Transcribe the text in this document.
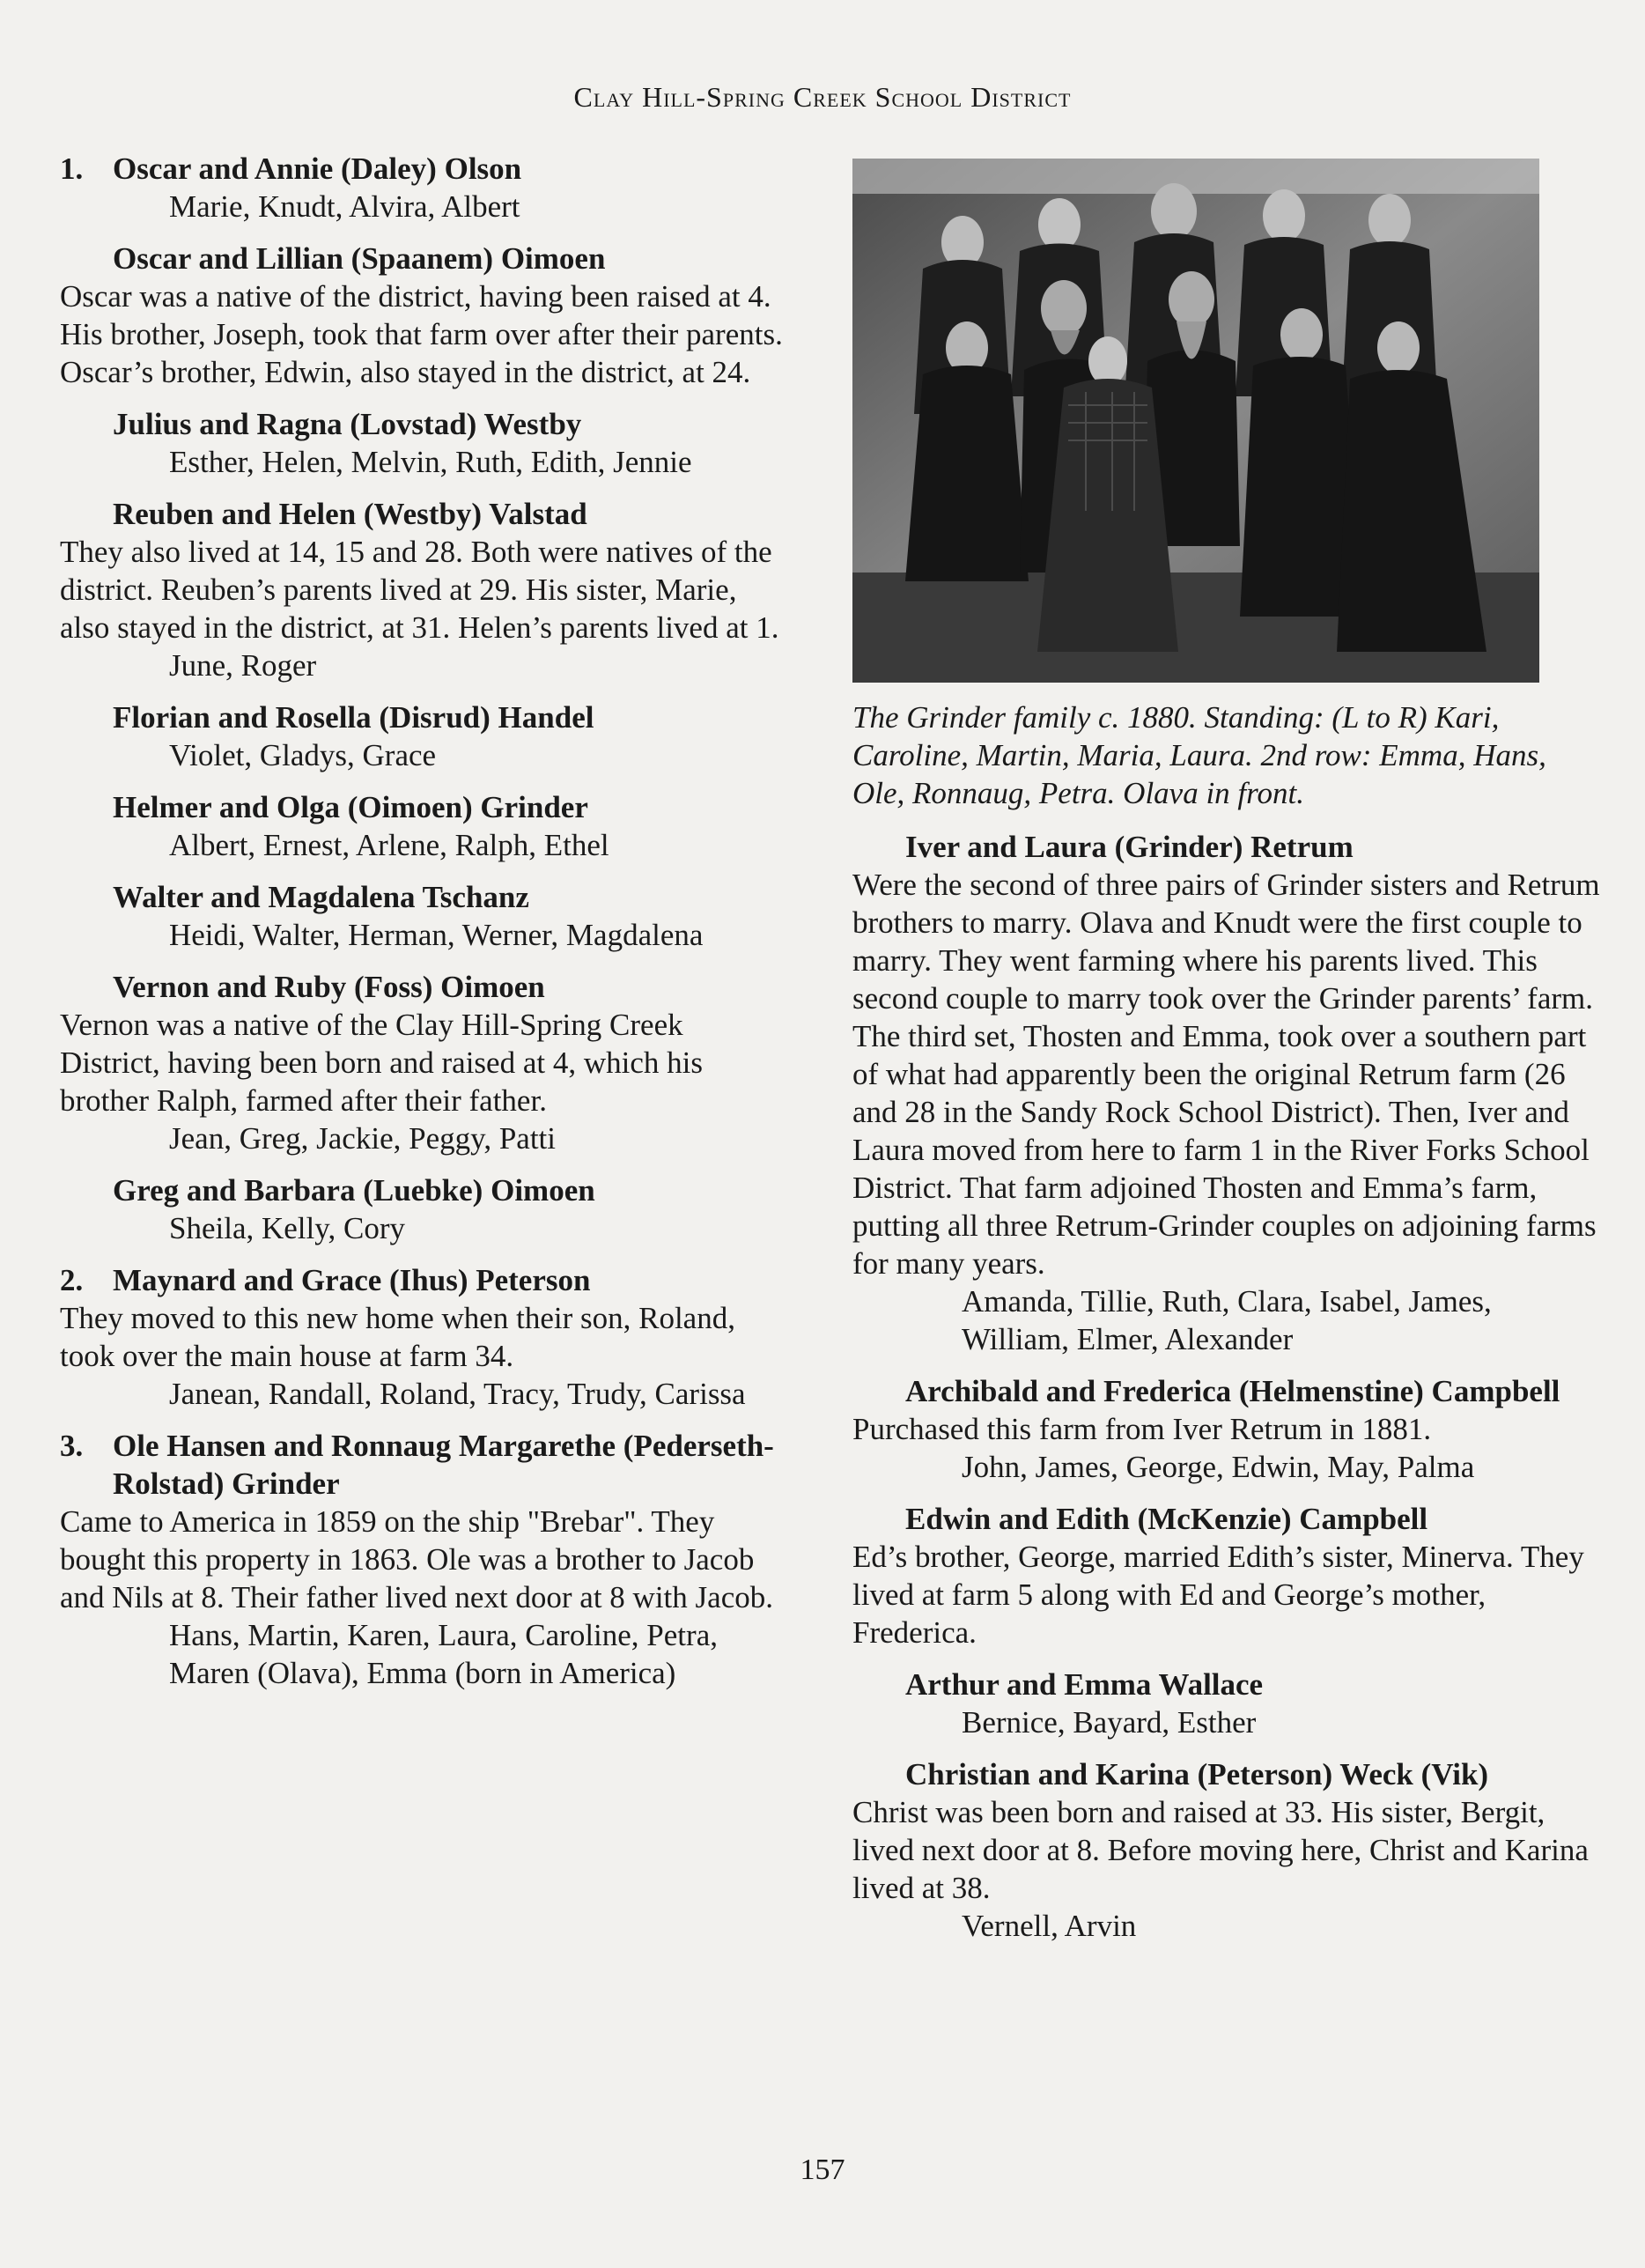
Clay Hill-Spring Creek School District
1. Oscar and Annie (Daley) Olson
Marie, Knudt, Alvira, Albert
Oscar and Lillian (Spaanem) Oimoen

Oscar was a native of the district, having been raised at 4. His brother, Joseph, took that farm over after their parents. Oscar’s brother, Edwin, also stayed in the district, at 24.

Julius and Ragna (Lovstad) Westby
Esther, Helen, Melvin, Ruth, Edith, Jennie
Reuben and Helen (Westby) Valstad

They also lived at 14, 15 and 28. Both were natives of the district. Reuben’s parents lived at 29. His sister, Marie, also stayed in the district, at 31. Helen’s parents lived at 1.

June, Roger
Florian and Rosella (Disrud) Handel
Violet, Gladys, Grace
Helmer and Olga (Oimoen) Grinder
Albert, Ernest, Arlene, Ralph, Ethel
Walter and Magdalena Tschanz
Heidi, Walter, Herman, Werner, Magdalena
Vernon and Ruby (Foss) Oimoen

Vernon was a native of the Clay Hill-Spring Creek District, having been born and raised at 4, which his brother Ralph, farmed after their father.

Jean, Greg, Jackie, Peggy, Patti
Greg and Barbara (Luebke) Oimoen
Sheila, Kelly, Cory
2. Maynard and Grace (Ihus) Peterson

They moved to this new home when their son, Roland, took over the main house at farm 34.

Janean, Randall, Roland, Tracy, Trudy, Carissa
3. Ole Hansen and Ronnaug Margarethe (Pederseth-Rolstad) Grinder

Came to America in 1859 on the ship "Brebar". They bought this property in 1863. Ole was a brother to Jacob and Nils at 8. Their father lived next door at 8 with Jacob.

Hans, Martin, Karen, Laura, Caroline, Petra, Maren (Olava), Emma (born in America)
The Grinder family c. 1880. Standing: (L to R) Kari, Caroline, Martin, Maria, Laura. 2nd row: Emma, Hans, Ole, Ronnaug, Petra. Olava in front.
Iver and Laura (Grinder) Retrum

Were the second of three pairs of Grinder sisters and Retrum brothers to marry. Olava and Knudt were the first couple to marry. They went farming where his parents lived. This second couple to marry took over the Grinder parents’ farm. The third set, Thosten and Emma, took over a southern part of what had apparently been the original Retrum farm (26 and 28 in the Sandy Rock School District). Then, Iver and Laura moved from here to farm 1 in the River Forks School District. That farm adjoined Thosten and Emma’s farm, putting all three Retrum-Grinder couples on adjoining farms for many years.

Amanda, Tillie, Ruth, Clara, Isabel, James, William, Elmer, Alexander
Archibald and Frederica (Helmenstine) Campbell

Purchased this farm from Iver Retrum in 1881.

John, James, George, Edwin, May, Palma
Edwin and Edith (McKenzie) Campbell

Ed’s brother, George, married Edith’s sister, Minerva. They lived at farm 5 along with Ed and George’s mother, Frederica.

Arthur and Emma Wallace
Bernice, Bayard, Esther
Christian and Karina (Peterson) Weck (Vik)

Christ was been born and raised at 33. His sister, Bergit, lived next door at 8. Before moving here, Christ and Karina lived at 38.

Vernell, Arvin
157
